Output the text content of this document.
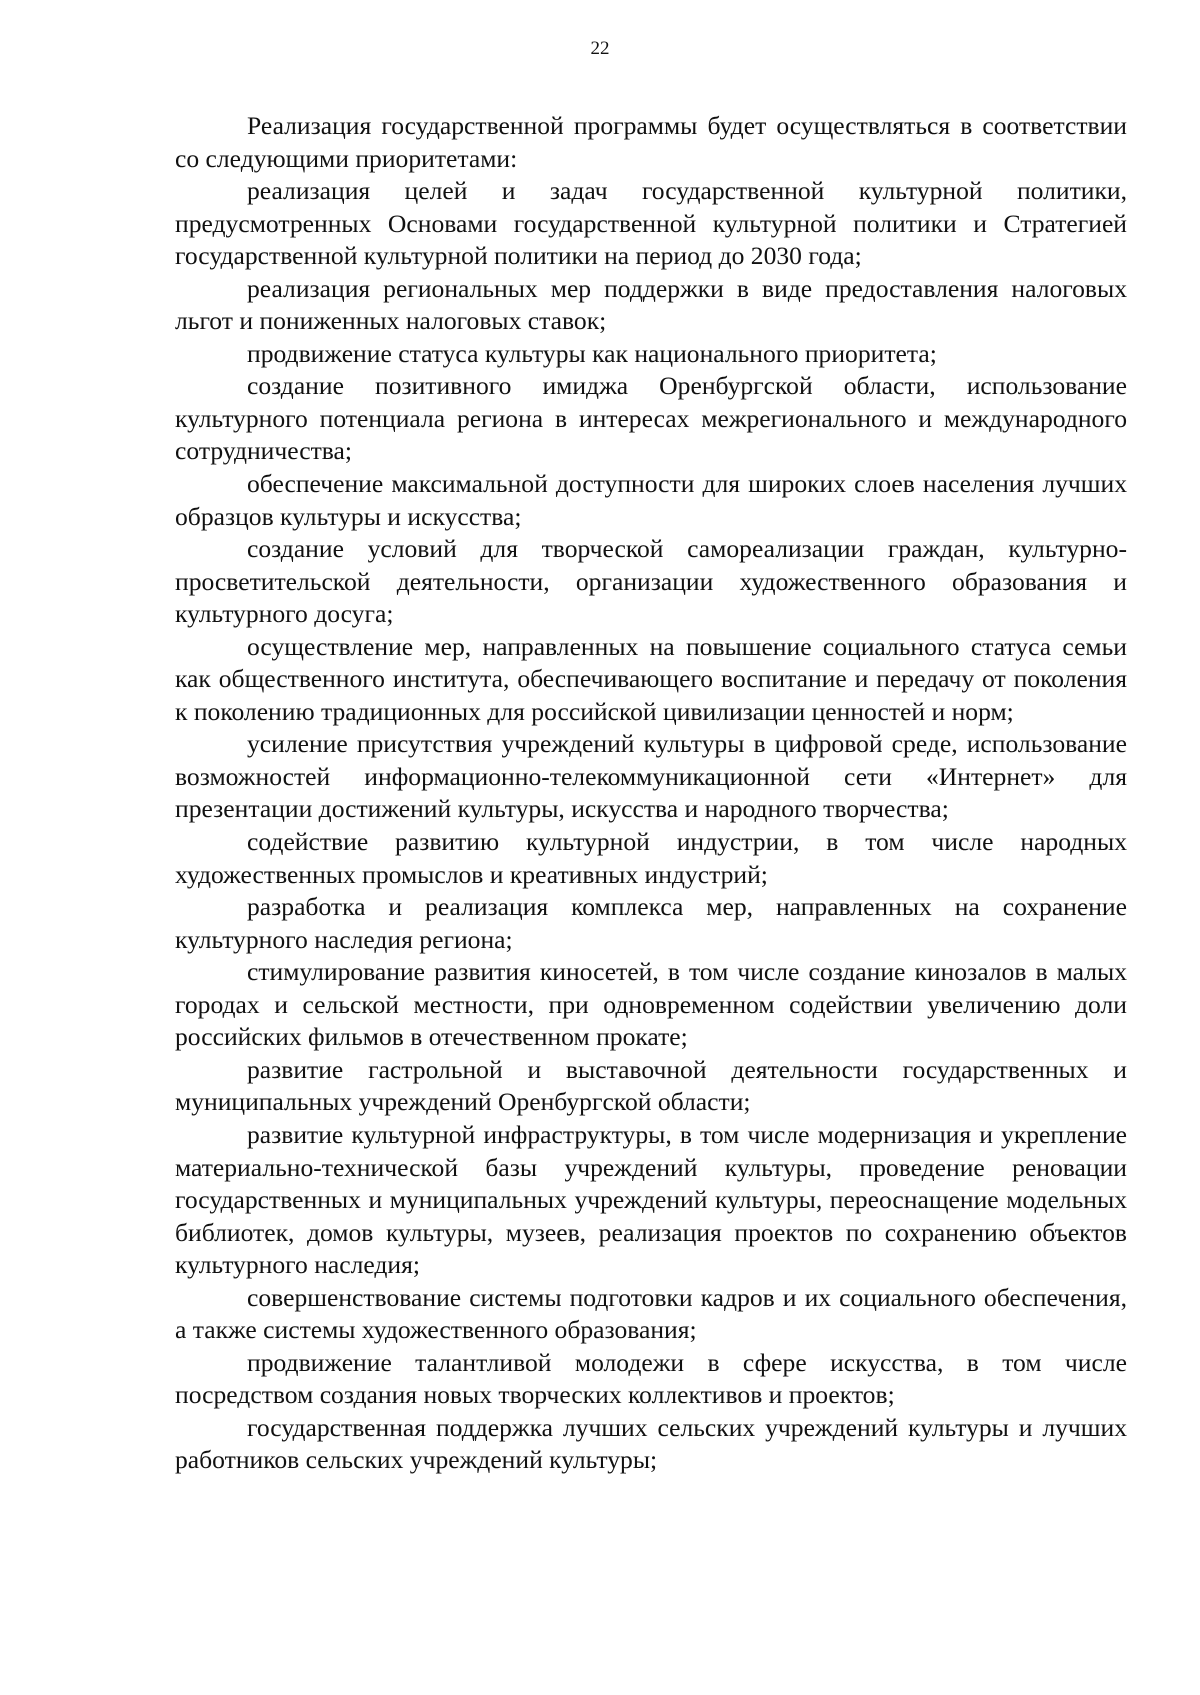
22

Реализация государственной программы будет осуществляться в соответствии со следующими приоритетами:

реализация целей и задач государственной культурной политики, предусмотренных Основами государственной культурной политики и Стратегией государственной культурной политики на период до 2030 года;

реализация региональных мер поддержки в виде предоставления налоговых льгот и пониженных налоговых ставок;

продвижение статуса культуры как национального приоритета;

создание позитивного имиджа Оренбургской области, использование культурного потенциала региона в интересах межрегионального и международного сотрудничества;

обеспечение максимальной доступности для широких слоев населения лучших образцов культуры и искусства;

создание условий для творческой самореализации граждан, культурно-просветительской деятельности, организации художественного образования и культурного досуга;

осуществление мер, направленных на повышение социального статуса семьи как общественного института, обеспечивающего воспитание и передачу от поколения к поколению традиционных для российской цивилизации ценностей и норм;

усиление присутствия учреждений культуры в цифровой среде, использование возможностей информационно-телекоммуникационной сети «Интернет» для презентации достижений культуры, искусства и народного творчества;

содействие развитию культурной индустрии, в том числе народных художественных промыслов и креативных индустрий;

разработка и реализация комплекса мер, направленных на сохранение культурного наследия региона;

стимулирование развития киносетей, в том числе создание кинозалов в малых городах и сельской местности, при одновременном содействии увеличению доли российских фильмов в отечественном прокате;

развитие гастрольной и выставочной деятельности государственных и муниципальных учреждений Оренбургской области;

развитие культурной инфраструктуры, в том числе модернизация и укрепление материально-технической базы учреждений культуры, проведение реновации государственных и муниципальных учреждений культуры, переоснащение модельных библиотек, домов культуры, музеев, реализация проектов по сохранению объектов культурного наследия;

совершенствование системы подготовки кадров и их социального обеспечения, а также системы художественного образования;

продвижение талантливой молодежи в сфере искусства, в том числе посредством создания новых творческих коллективов и проектов;

государственная поддержка лучших сельских учреждений культуры и лучших работников сельских учреждений культуры;
